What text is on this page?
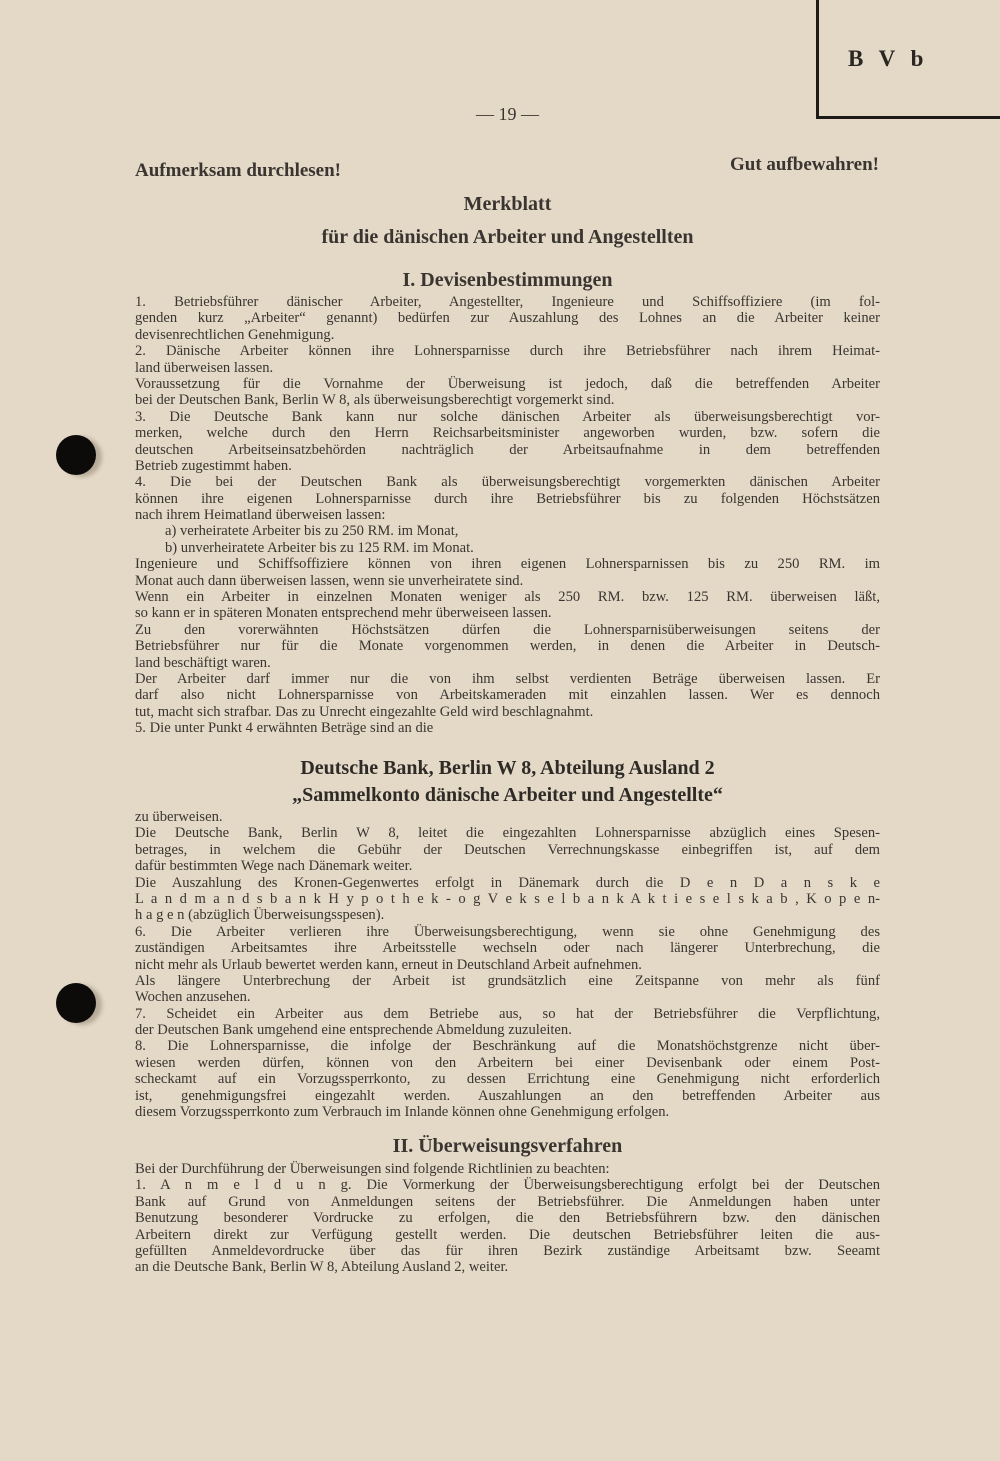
B V b
— 19 —
Aufmerksam durchlesen!	Gut aufbewahren!
Merkblatt
für die dänischen Arbeiter und Angestellten
I. Devisenbestimmungen
1. Betriebsführer dänischer Arbeiter, Angestellter, Ingenieure und Schiffsoffiziere (im fol-
genden kurz „Arbeiter“ genannt) bedürfen zur Auszahlung des Lohnes an die Arbeiter keiner
devisenrechtlichen Genehmigung.
2. Dänische Arbeiter können ihre Lohnersparnisse durch ihre Betriebsführer nach ihrem Heimat-
land überweisen lassen.
Voraussetzung für die Vornahme der Überweisung ist jedoch, daß die betreffenden Arbeiter
bei der Deutschen Bank, Berlin W 8, als überweisungsberechtigt vorgemerkt sind.
3. Die Deutsche Bank kann nur solche dänischen Arbeiter als überweisungsberechtigt vor-
merken, welche durch den Herrn Reichsarbeitsminister angeworben wurden, bzw. sofern die
deutschen Arbeitseinsatzbehörden nachträglich der Arbeitsaufnahme in dem betreffenden
Betrieb zugestimmt haben.
4. Die bei der Deutschen Bank als überweisungsberechtigt vorgemerkten dänischen Arbeiter
können ihre eigenen Lohnersparnisse durch ihre Betriebsführer bis zu folgenden Höchstsätzen
nach ihrem Heimatland überweisen lassen:
a) verheiratete Arbeiter bis zu 250 RM. im Monat,
b) unverheiratete Arbeiter bis zu 125 RM. im Monat.
Ingenieure und Schiffsoffiziere können von ihren eigenen Lohnersparnissen bis zu 250 RM. im
Monat auch dann überweisen lassen, wenn sie unverheiratete sind.
Wenn ein Arbeiter in einzelnen Monaten weniger als 250 RM. bzw. 125 RM. überweisen läßt,
so kann er in späteren Monaten entsprechend mehr überweiseen lassen.
Zu den vorerwähnten Höchstsätzen dürfen die Lohnersparnisüberweisungen seitens der
Betriebsführer nur für die Monate vorgenommen werden, in denen die Arbeiter in Deutsch-
land beschäftigt waren.
Der Arbeiter darf immer nur die von ihm selbst verdienten Beträge überweisen lassen. Er
darf also nicht Lohnersparnisse von Arbeitskameraden mit einzahlen lassen. Wer es dennoch
tut, macht sich strafbar. Das zu Unrecht eingezahlte Geld wird beschlagnahmt.
5. Die unter Punkt 4 erwähnten Beträge sind an die
Deutsche Bank, Berlin W 8, Abteilung Ausland 2
„Sammelkonto dänische Arbeiter und Angestellte“
zu überweisen.
Die Deutsche Bank, Berlin W 8, leitet die eingezahlten Lohnersparnisse abzüglich eines Spesen-
betrages, in welchem die Gebühr der Deutschen Verrechnungskasse einbegriffen ist, auf dem
dafür bestimmten Wege nach Dänemark weiter.
Die Auszahlung des Kronen-Gegenwertes erfolgt in Dänemark durch die D e n D a n s k e
L a n d m a n d s b a n k H y p o t h e k - o g V e k s e l b a n k A k t i e s e l s k a b , K o p e n-
h a g e n (abzüglich Überweisungsspesen).
6. Die Arbeiter verlieren ihre Überweisungsberechtigung, wenn sie ohne Genehmigung des
zuständigen Arbeitsamtes ihre Arbeitsstelle wechseln oder nach längerer Unterbrechung, die
nicht mehr als Urlaub bewertet werden kann, erneut in Deutschland Arbeit aufnehmen.
Als längere Unterbrechung der Arbeit ist grundsätzlich eine Zeitspanne von mehr als fünf
Wochen anzusehen.
7. Scheidet ein Arbeiter aus dem Betriebe aus, so hat der Betriebsführer die Verpflichtung,
der Deutschen Bank umgehend eine entsprechende Abmeldung zuzuleiten.
8. Die Lohnersparnisse, die infolge der Beschränkung auf die Monatshöchstgrenze nicht über-
wiesen werden dürfen, können von den Arbeitern bei einer Devisenbank oder einem Post-
scheckamt auf ein Vorzugssperrkonto, zu dessen Errichtung eine Genehmigung nicht erforderlich
ist, genehmigungsfrei eingezahlt werden. Auszahlungen an den betreffenden Arbeiter aus
diesem Vorzugssperrkonto zum Verbrauch im Inlande können ohne Genehmigung erfolgen.
II. Überweisungsverfahren
Bei der Durchführung der Überweisungen sind folgende Richtlinien zu beachten:
1. A n m e l d u n g. Die Vormerkung der Überweisungsberechtigung erfolgt bei der Deutschen
Bank auf Grund von Anmeldungen seitens der Betriebsführer. Die Anmeldungen haben unter
Benutzung besonderer Vordrucke zu erfolgen, die den Betriebsführern bzw. den dänischen
Arbeitern direkt zur Verfügung gestellt werden. Die deutschen Betriebsführer leiten die aus-
gefüllten Anmeldevordrucke über das für ihren Bezirk zuständige Arbeitsamt bzw. Seeamt
an die Deutsche Bank, Berlin W 8, Abteilung Ausland 2, weiter.
